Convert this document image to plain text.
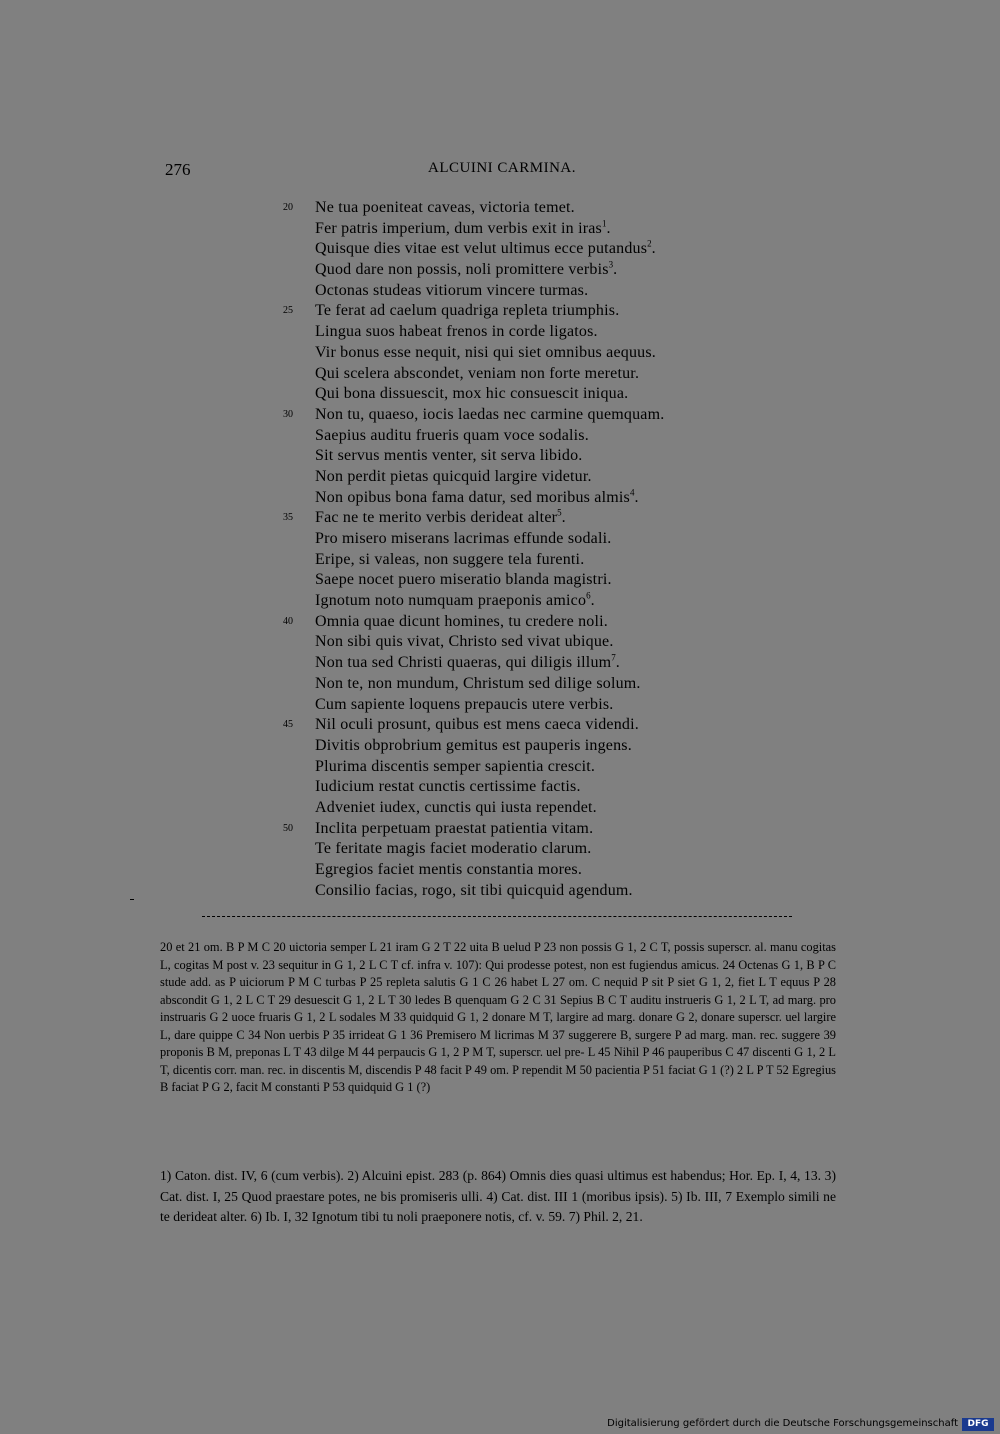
276	ALCUINI CARMINA.
20 Ne tua poeniteat caveas, victoria temet.
Fer patris imperium, dum verbis exit in iras$^1$.
Quisque dies vitae est velut ultimus ecce putandus$^2$.
Quod dare non possis, noli promittere verbis$^3$.
Octonas studeas vitiorum vincere turmas.
25 Te ferat ad caelum quadriga repleta triumphis.
Lingua suos habeat frenos in corde ligatos.
Vir bonus esse nequit, nisi qui siet omnibus aequus.
Qui scelera abscondet, veniam non forte meretur.
Qui bona dissuescit, mox hic consuescit iniqua.
30 Non tu, quaeso, iocis laedas nec carmine quemquam.
Saepius auditu frueris quam voce sodalis.
Sit servus mentis venter, sit serva libido.
Non perdit pietas quicquid largire videtur.
Non opibus bona fama datur, sed moribus almis$^4$.
35 Fac ne te merito verbis derideat alter$^5$.
Pro misero miserans lacrimas effunde sodali.
Eripe, si valeas, non suggere tela furenti.
Saepe nocet puero miseratio blanda magistri.
Ignotum noto numquam praeponis amico$^6$.
40 Omnia quae dicunt homines, tu credere noli.
Non sibi quis vivat, Christo sed vivat ubique.
Non tua sed Christi quaeras, qui diligis illum$^7$.
Non te, non mundum, Christum sed dilige solum.
Cum sapiente loquens prepaucis utere verbis.
45 Nil oculi prosunt, quibus est mens caeca videndi.
Divitis obprobrium gemitus est pauperis ingens.
Plurima discentis semper sapientia crescit.
Iudicium restat cunctis certissime factis.
Adveniet iudex, cunctis qui iusta rependet.
50 Inclita perpetuam praestat patientia vitam.
Te feritate magis faciet moderatio clarum.
Egregios faciet mentis constantia mores.
Consilio facias, rogo, sit tibi quicquid agendum.

20 et 21 om. B P M C 20 uictoria semper L 21 iram G 2 T 22 uita B uelud P 23 non possis G 1, 2 C T, possis superscr. al. manu cogitas L, cogitas M post v. 23 sequitur in G 1, 2 L C T cf. infra v. 107): Qui prodesse potest, non est fugiendus amicus. 24 Octenas G 1, B P C stude add. as P uiciorum P M C turbas P 25 repleta salutis G 1 C 26 habet L 27 om. C nequid P sit P siet G 1, 2, fiet L T equus P 28 abscondit G 1, 2 L C T 29 desuescit G 1, 2 L T 30 ledes B quenquam G 2 C 31 Sepius B C T auditu instrueris G 1, 2 L T, ad marg. pro instruaris G 2 uoce fruaris G 1, 2 L sodales M 33 quidquid G 1, 2 donare M T, largire ad marg. donare G 2, donare superscr. uel largire L, dare quippe C 34 Non uerbis P 35 irrideat G 1 36 Premisero M licrimas M 37 suggerere B, surgere P ad marg. man. rec. suggere 39 proponis B M, preponas L T 43 dilge M 44 perpaucis G 1, 2 P M T, superscr. uel pre- L 45 Nihil P 46 pauperibus C 47 discenti G 1, 2 L T, dicentis corr. man. rec. in discentis M, discendis P 48 facit P 49 om. P rependit M 50 pacientia P 51 faciat G 1 (?) 2 L P T 52 Egregius B faciat P G 2, facit M constanti P 53 quidquid G 1 (?)

1) Caton. dist. IV, 6 (cum verbis). 2) Alcuini epist. 283 (p. 864) Omnis dies quasi ultimus est habendus; Hor. Ep. I, 4, 13. 3) Cat. dist. I, 25 Quod praestare potes, ne bis promiseris ulli. 4) Cat. dist. III 1 (moribus ipsis). 5) Ib. III, 7 Exemplo simili ne te derideat alter. 6) Ib. I, 32 Ignotum tibi tu noli praeponere notis, cf. v. 59. 7) Phil. 2, 21.

Digitalisierung gefördert durch die Deutsche Forschungsgemeinschaft	DFG
